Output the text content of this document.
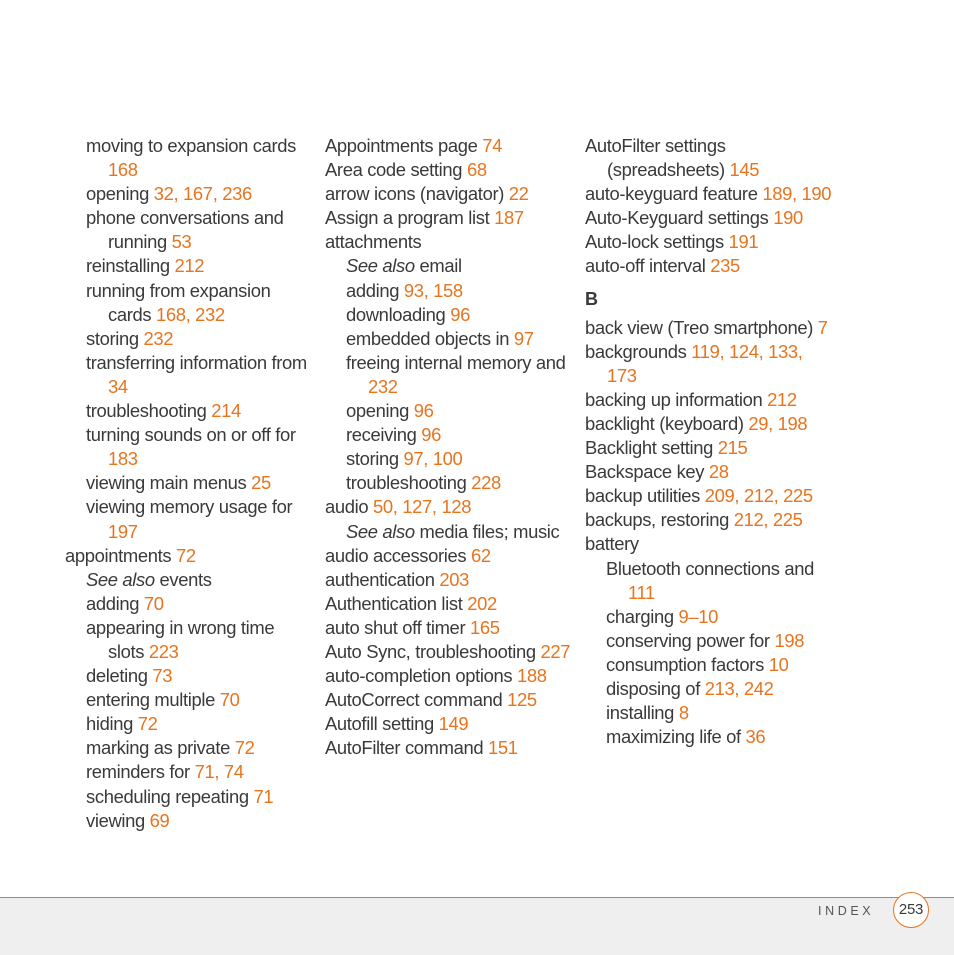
moving to expansion cards 168
opening 32, 167, 236
phone conversations and running 53
reinstalling 212
running from expansion cards 168, 232
storing 232
transferring information from 34
troubleshooting 214
turning sounds on or off for 183
viewing main menus 25
viewing memory usage for 197
appointments 72
See also events
adding 70
appearing in wrong time slots 223
deleting 73
entering multiple 70
hiding 72
marking as private 72
reminders for 71, 74
scheduling repeating 71
viewing 69
Appointments page 74
Area code setting 68
arrow icons (navigator) 22
Assign a program list 187
attachments
See also email
adding 93, 158
downloading 96
embedded objects in 97
freeing internal memory and 232
opening 96
receiving 96
storing 97, 100
troubleshooting 228
audio 50, 127, 128
See also media files; music
audio accessories 62
authentication 203
Authentication list 202
auto shut off timer 165
Auto Sync, troubleshooting 227
auto-completion options 188
AutoCorrect command 125
Autofill setting 149
AutoFilter command 151
AutoFilter settings (spreadsheets) 145
auto-keyguard feature 189, 190
Auto-Keyguard settings 190
Auto-lock settings 191
auto-off interval 235
B
back view (Treo smartphone) 7
backgrounds 119, 124, 133, 173
backing up information 212
backlight (keyboard) 29, 198
Backlight setting 215
Backspace key 28
backup utilities 209, 212, 225
backups, restoring 212, 225
battery
Bluetooth connections and 111
charging 9–10
conserving power for 198
consumption factors 10
disposing of 213, 242
installing 8
maximizing life of 36
INDEX	253
